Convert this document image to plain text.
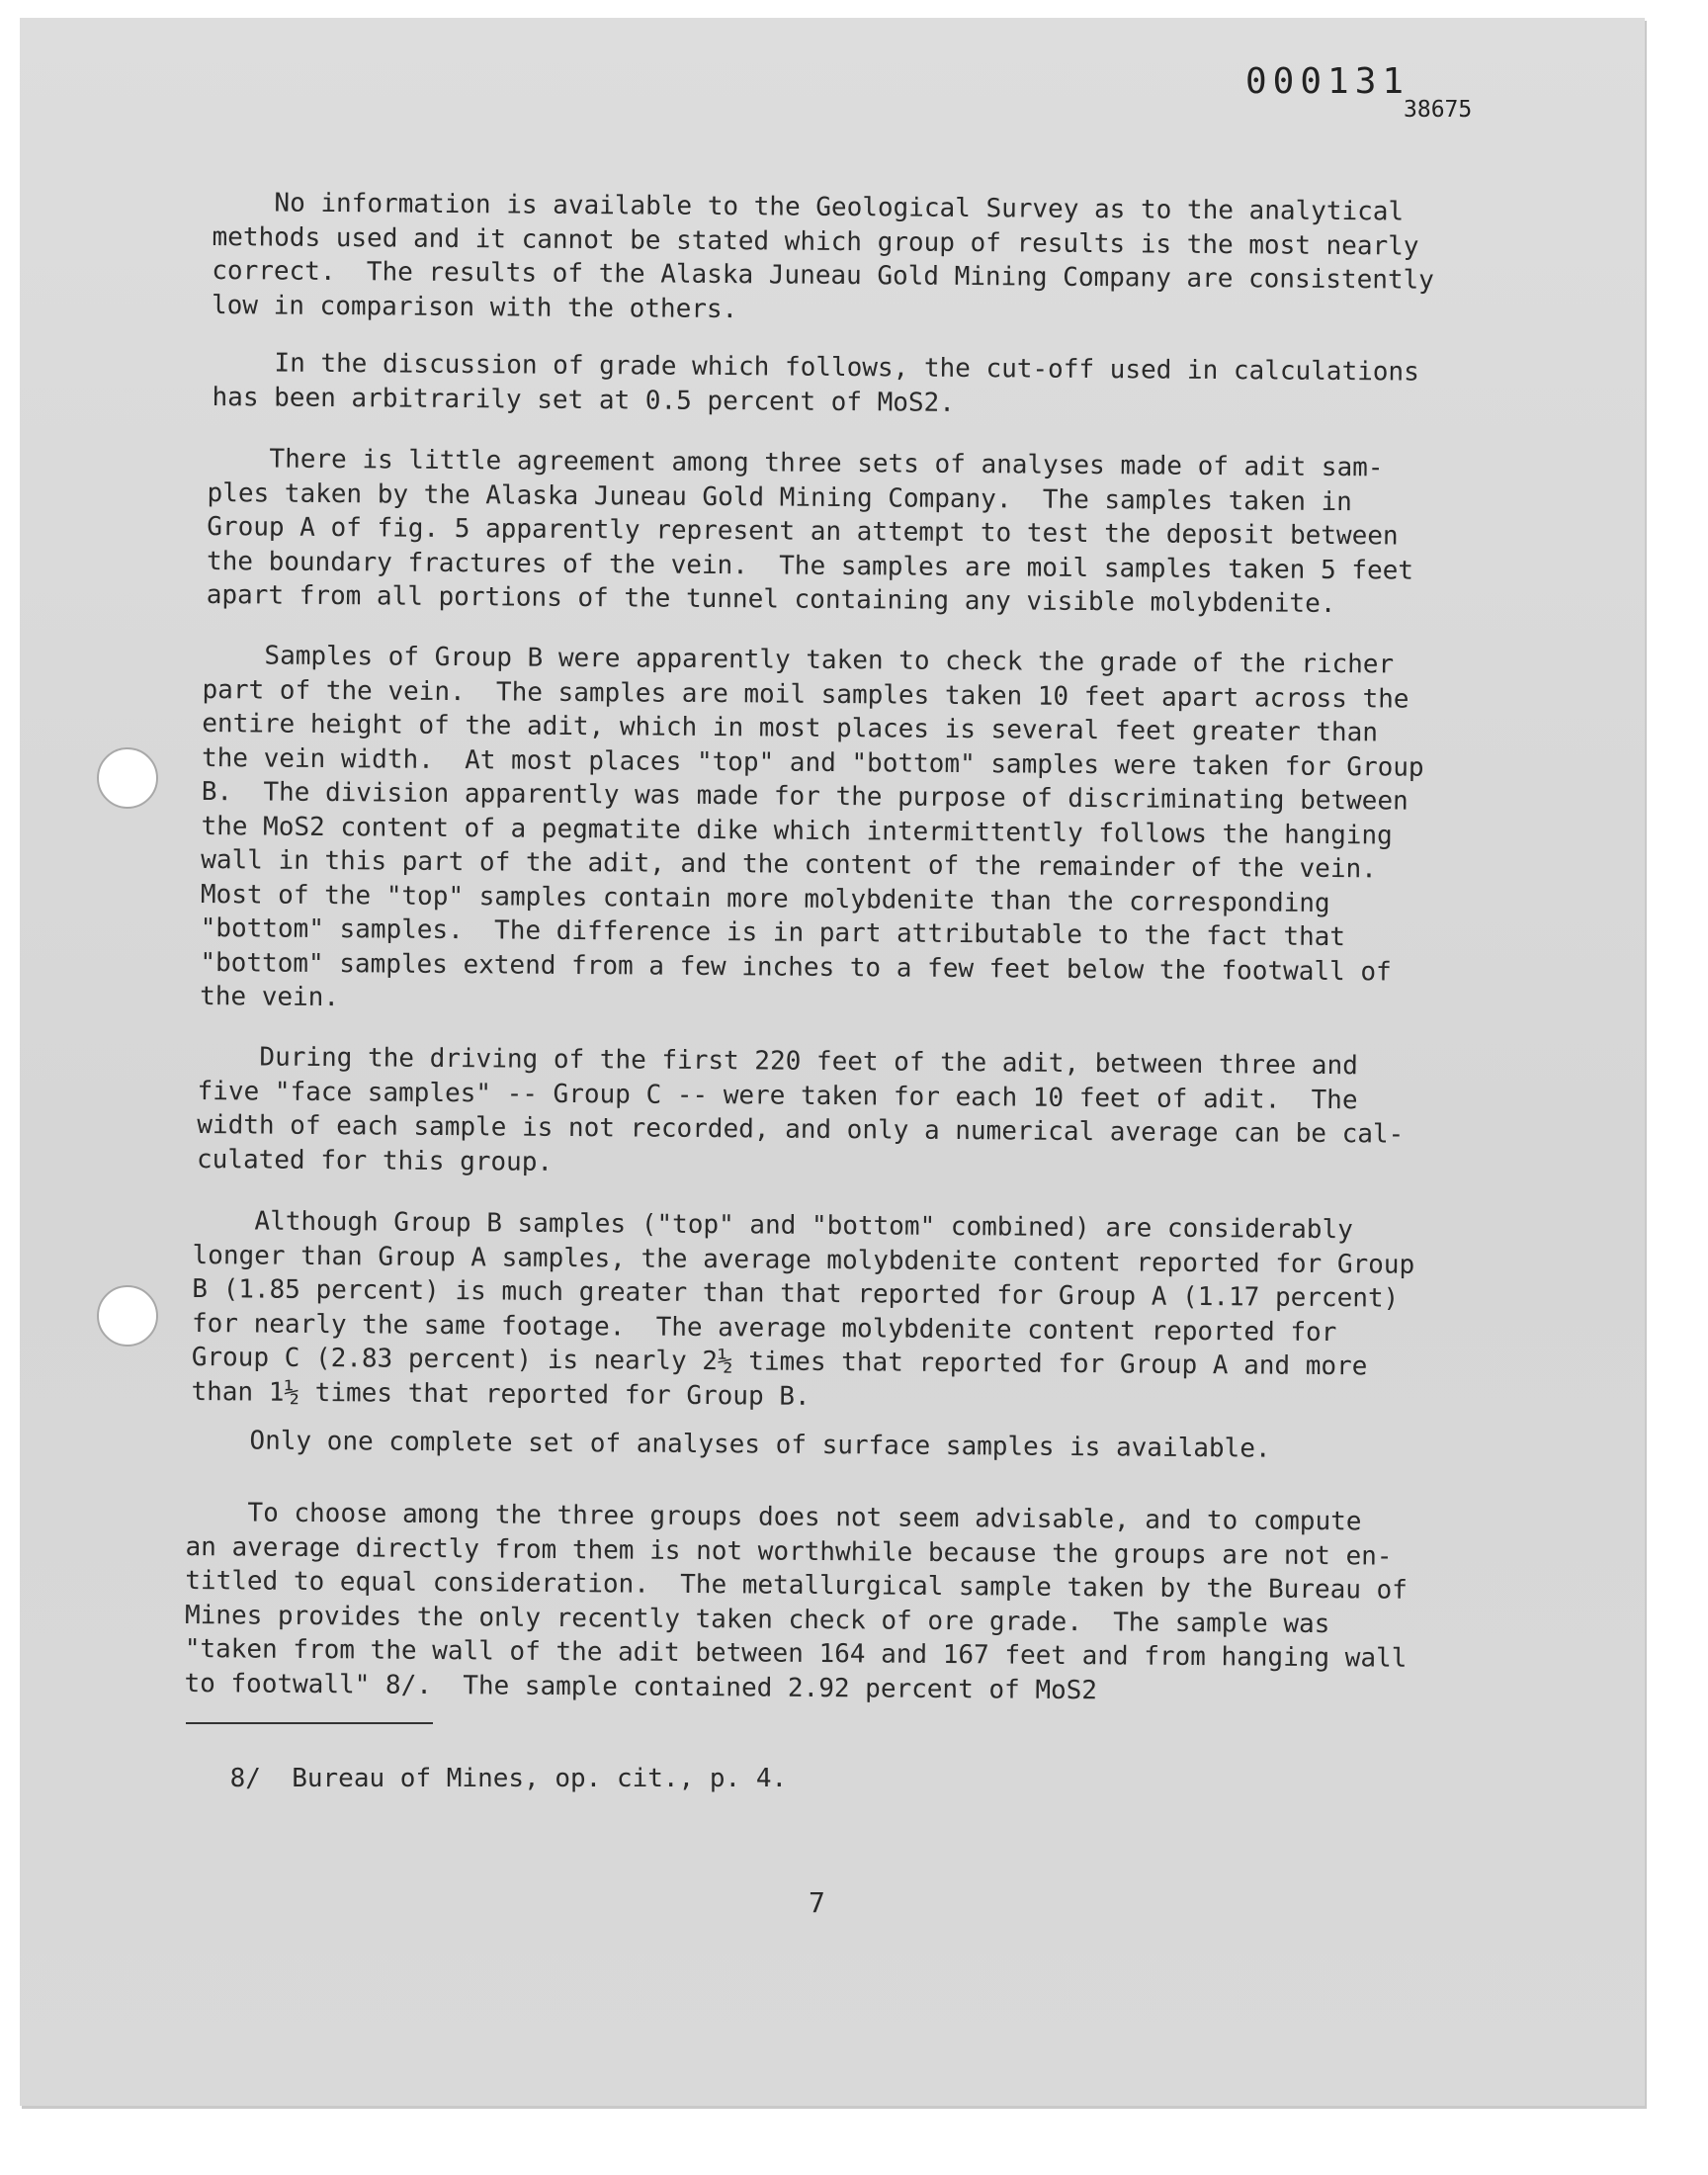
000131
38675

No information is available to the Geological Survey as to the analytical
methods used and it cannot be stated which group of results is the most nearly
correct.  The results of the Alaska Juneau Gold Mining Company are consistently
low in comparison with the others.

In the discussion of grade which follows, the cut-off used in calculations
has been arbitrarily set at 0.5 percent of MoS2.

There is little agreement among three sets of analyses made of adit sam-
ples taken by the Alaska Juneau Gold Mining Company.  The samples taken in
Group A of fig. 5 apparently represent an attempt to test the deposit between
the boundary fractures of the vein.  The samples are moil samples taken 5 feet
apart from all portions of the tunnel containing any visible molybdenite.

Samples of Group B were apparently taken to check the grade of the richer
part of the vein.  The samples are moil samples taken 10 feet apart across the
entire height of the adit, which in most places is several feet greater than
the vein width.  At most places "top" and "bottom" samples were taken for Group
B.  The division apparently was made for the purpose of discriminating between
the MoS2 content of a pegmatite dike which intermittently follows the hanging
wall in this part of the adit, and the content of the remainder of the vein.
Most of the "top" samples contain more molybdenite than the corresponding
"bottom" samples.  The difference is in part attributable to the fact that
"bottom" samples extend from a few inches to a few feet below the footwall of
the vein.

During the driving of the first 220 feet of the adit, between three and
five "face samples" -- Group C -- were taken for each 10 feet of adit.  The
width of each sample is not recorded, and only a numerical average can be cal-
culated for this group.

Although Group B samples ("top" and "bottom" combined) are considerably
longer than Group A samples, the average molybdenite content reported for Group
B (1.85 percent) is much greater than that reported for Group A (1.17 percent)
for nearly the same footage.  The average molybdenite content reported for
Group C (2.83 percent) is nearly 2½ times that reported for Group A and more
than 1½ times that reported for Group B.

Only one complete set of analyses of surface samples is available.

To choose among the three groups does not seem advisable, and to compute
an average directly from them is not worthwhile because the groups are not en-
titled to equal consideration.  The metallurgical sample taken by the Bureau of
Mines provides the only recently taken check of ore grade.  The sample was
"taken from the wall of the adit between 164 and 167 feet and from hanging wall
to footwall" 8/.  The sample contained 2.92 percent of MoS2

8/  Bureau of Mines, op. cit., p. 4.

7
